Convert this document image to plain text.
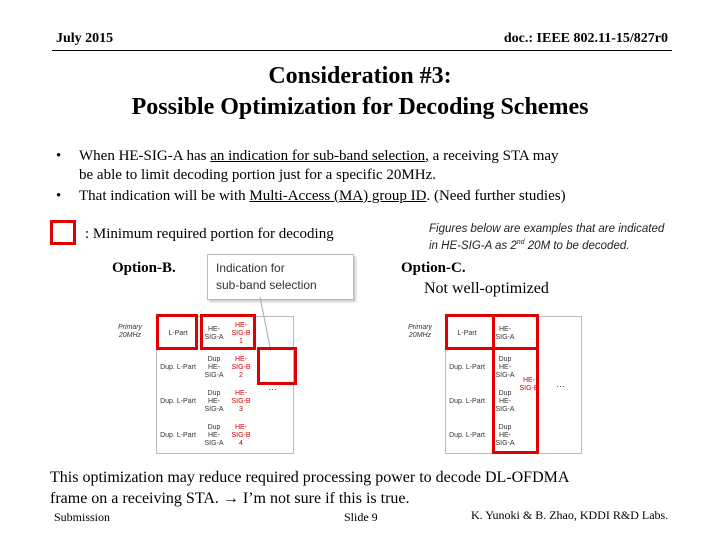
July 2015	doc.: IEEE 802.11-15/827r0
Consideration #3:
Possible Optimization for Decoding Schemes
• When HE-SIG-A has an indication for sub-band selection, a receiving STA may
be able to limit decoding portion just for a specific 20MHz.
• That indication will be with Multi-Access (MA) group ID. (Need further studies)
: Minimum required portion for decoding	Figures below are examples that are indicated
in HE-SIG-A as 2nd 20M to be decoded.
Option-B.	Indication for
sub-band selection
Primary
20MHz	L-Part
HE-
SIG-A
HE-
SIG-B
1
Dup. L-Part
Dup
HE-
SIG-A
HE-
SIG-B
2
Dup. L-Part
Dup
HE-
SIG-A
HE-
SIG-B
3
Dup. L-Part
Dup
HE-
SIG-A
HE-
SIG-B
4
…
Option-C.
Not well-optimized
Primary
20MHz	L-Part
HE-
SIG-A
Dup. L-Part
Dup
HE-
SIG-A
Dup. L-Part
Dup
HE-
SIG-A
Dup. L-Part
Dup
HE-
SIG-A
HE-
SIG-B …
This optimization may reduce required processing power to decode DL-OFDMA
frame on a receiving STA. → I’m not sure if this is true.
Submission	Slide 9	K. Yunoki & B. Zhao, KDDI R&D Labs.
